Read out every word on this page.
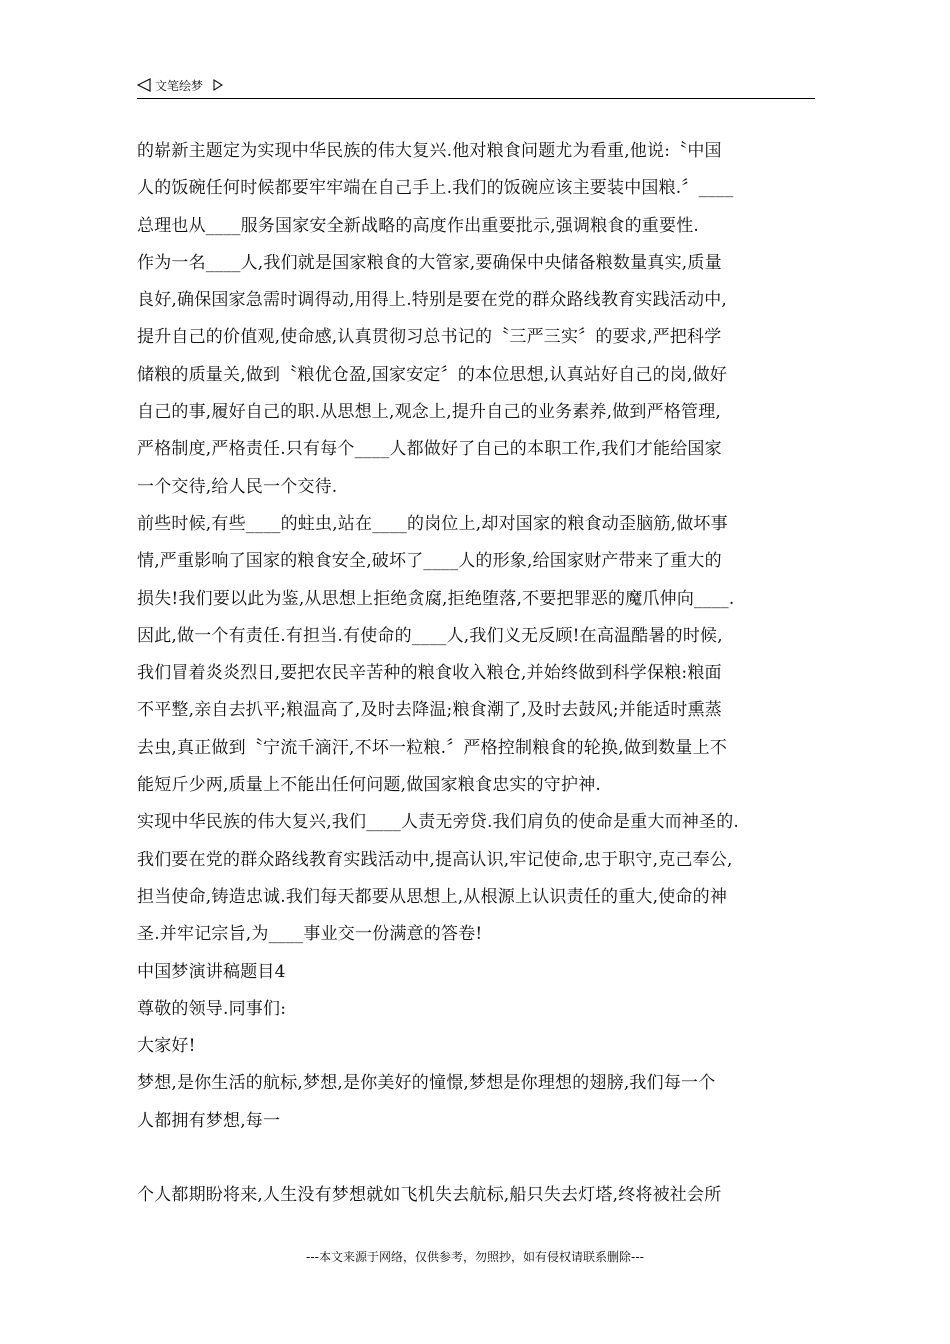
文笔绘梦
的崭新主题定为实现中华民族的伟大复兴.他对粮食问题尤为看重,他说:〝中国
人的饭碗任何时候都要牢牢端在自己手上.我们的饭碗应该主要装中国粮.〞____
总理也从____服务国家安全新战略的高度作出重要批示,强调粮食的重要性.
作为一名____人,我们就是国家粮食的大管家,要确保中央储备粮数量真实,质量
良好,确保国家急需时调得动,用得上.特别是要在党的群众路线教育实践活动中,
提升自己的价值观,使命感,认真贯彻习总书记的〝三严三实〞的要求,严把科学
储粮的质量关,做到〝粮优仓盈,国家安定〞的本位思想,认真站好自己的岗,做好
自己的事,履好自己的职.从思想上,观念上,提升自己的业务素养,做到严格管理,
严格制度,严格责任.只有每个____人都做好了自己的本职工作,我们才能给国家
一个交待,给人民一个交待.
前些时候,有些____的蛀虫,站在____的岗位上,却对国家的粮食动歪脑筋,做坏事
情,严重影响了国家的粮食安全,破坏了____人的形象,给国家财产带来了重大的
损失!我们要以此为鉴,从思想上拒绝贪腐,拒绝堕落,不要把罪恶的魔爪伸向____.
因此,做一个有责任.有担当.有使命的____人,我们义无反顾!在高温酷暑的时候,
我们冒着炎炎烈日,要把农民辛苦种的粮食收入粮仓,并始终做到科学保粮:粮面
不平整,亲自去扒平;粮温高了,及时去降温;粮食潮了,及时去鼓风;并能适时熏蒸
去虫,真正做到〝宁流千滴汗,不坏一粒粮.〞严格控制粮食的轮换,做到数量上不
能短斤少两,质量上不能出任何问题,做国家粮食忠实的守护神.
实现中华民族的伟大复兴,我们____人责无旁贷.我们肩负的使命是重大而神圣的.
我们要在党的群众路线教育实践活动中,提高认识,牢记使命,忠于职守,克己奉公,
担当使命,铸造忠诚.我们每天都要从思想上,从根源上认识责任的重大,使命的神
圣.并牢记宗旨,为____事业交一份满意的答卷!
中国梦演讲稿题目4
尊敬的领导.同事们:
大家好!
梦想,是你生活的航标,梦想,是你美好的憧憬,梦想是你理想的翅膀,我们每一个
人都拥有梦想,每一
个人都期盼将来,人生没有梦想就如飞机失去航标,船只失去灯塔,终将被社会所
---本文来源于网络，仅供参考，勿照抄，如有侵权请联系删除---
